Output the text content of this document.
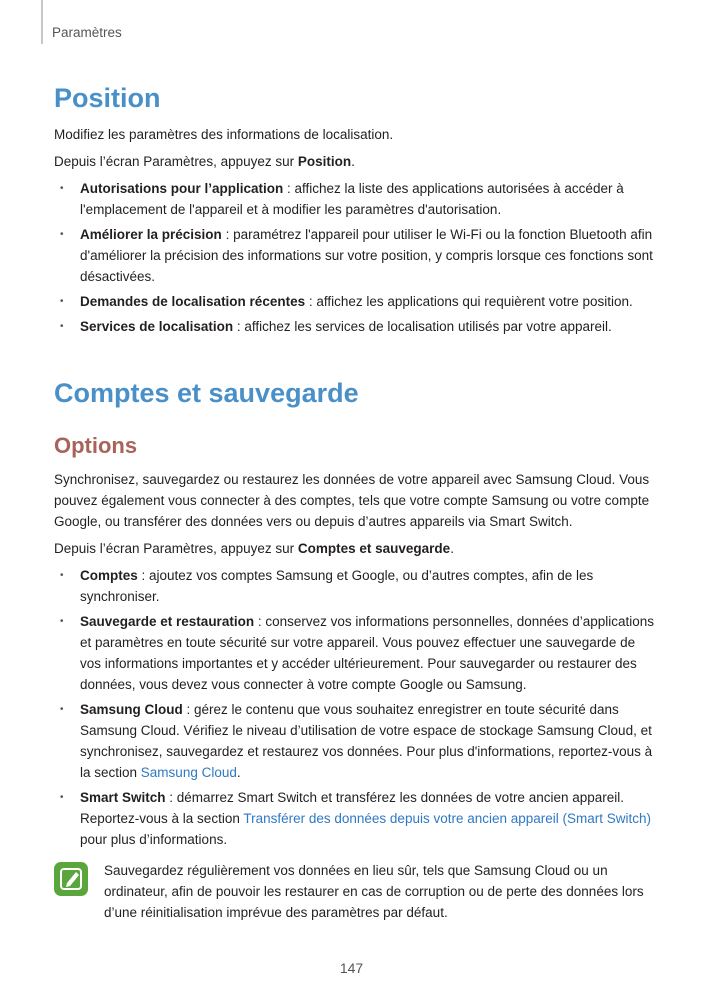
Paramètres
Position

Modifiez les paramètres des informations de localisation.

Depuis l’écran Paramètres, appuyez sur Position.

• Autorisations pour l’application : affichez la liste des applications autorisées à accéder à l'emplacement de l'appareil et à modifier les paramètres d'autorisation.
• Améliorer la précision : paramétrez l'appareil pour utiliser le Wi-Fi ou la fonction Bluetooth afin d'améliorer la précision des informations sur votre position, y compris lorsque ces fonctions sont désactivées.
• Demandes de localisation récentes : affichez les applications qui requièrent votre position.
• Services de localisation : affichez les services de localisation utilisés par votre appareil.
Comptes et sauvegarde
Options

Synchronisez, sauvegardez ou restaurez les données de votre appareil avec Samsung Cloud. Vous pouvez également vous connecter à des comptes, tels que votre compte Samsung ou votre compte Google, ou transférer des données vers ou depuis d’autres appareils via Smart Switch.

Depuis l’écran Paramètres, appuyez sur Comptes et sauvegarde.

• Comptes : ajoutez vos comptes Samsung et Google, ou d’autres comptes, afin de les synchroniser.
• Sauvegarde et restauration : conservez vos informations personnelles, données d’applications et paramètres en toute sécurité sur votre appareil. Vous pouvez effectuer une sauvegarde de vos informations importantes et y accéder ultérieurement. Pour sauvegarder ou restaurer des données, vous devez vous connecter à votre compte Google ou Samsung.
• Samsung Cloud : gérez le contenu que vous souhaitez enregistrer en toute sécurité dans Samsung Cloud. Vérifiez le niveau d’utilisation de votre espace de stockage Samsung Cloud, et synchronisez, sauvegardez et restaurez vos données. Pour plus d'informations, reportez-vous à la section Samsung Cloud.
• Smart Switch : démarrez Smart Switch et transférez les données de votre ancien appareil. Reportez-vous à la section Transférer des données depuis votre ancien appareil (Smart Switch) pour plus d’informations.

Sauvegardez régulièrement vos données en lieu sûr, tels que Samsung Cloud ou un ordinateur, afin de pouvoir les restaurer en cas de corruption ou de perte des données lors d’une réinitialisation imprévue des paramètres par défaut.

147
